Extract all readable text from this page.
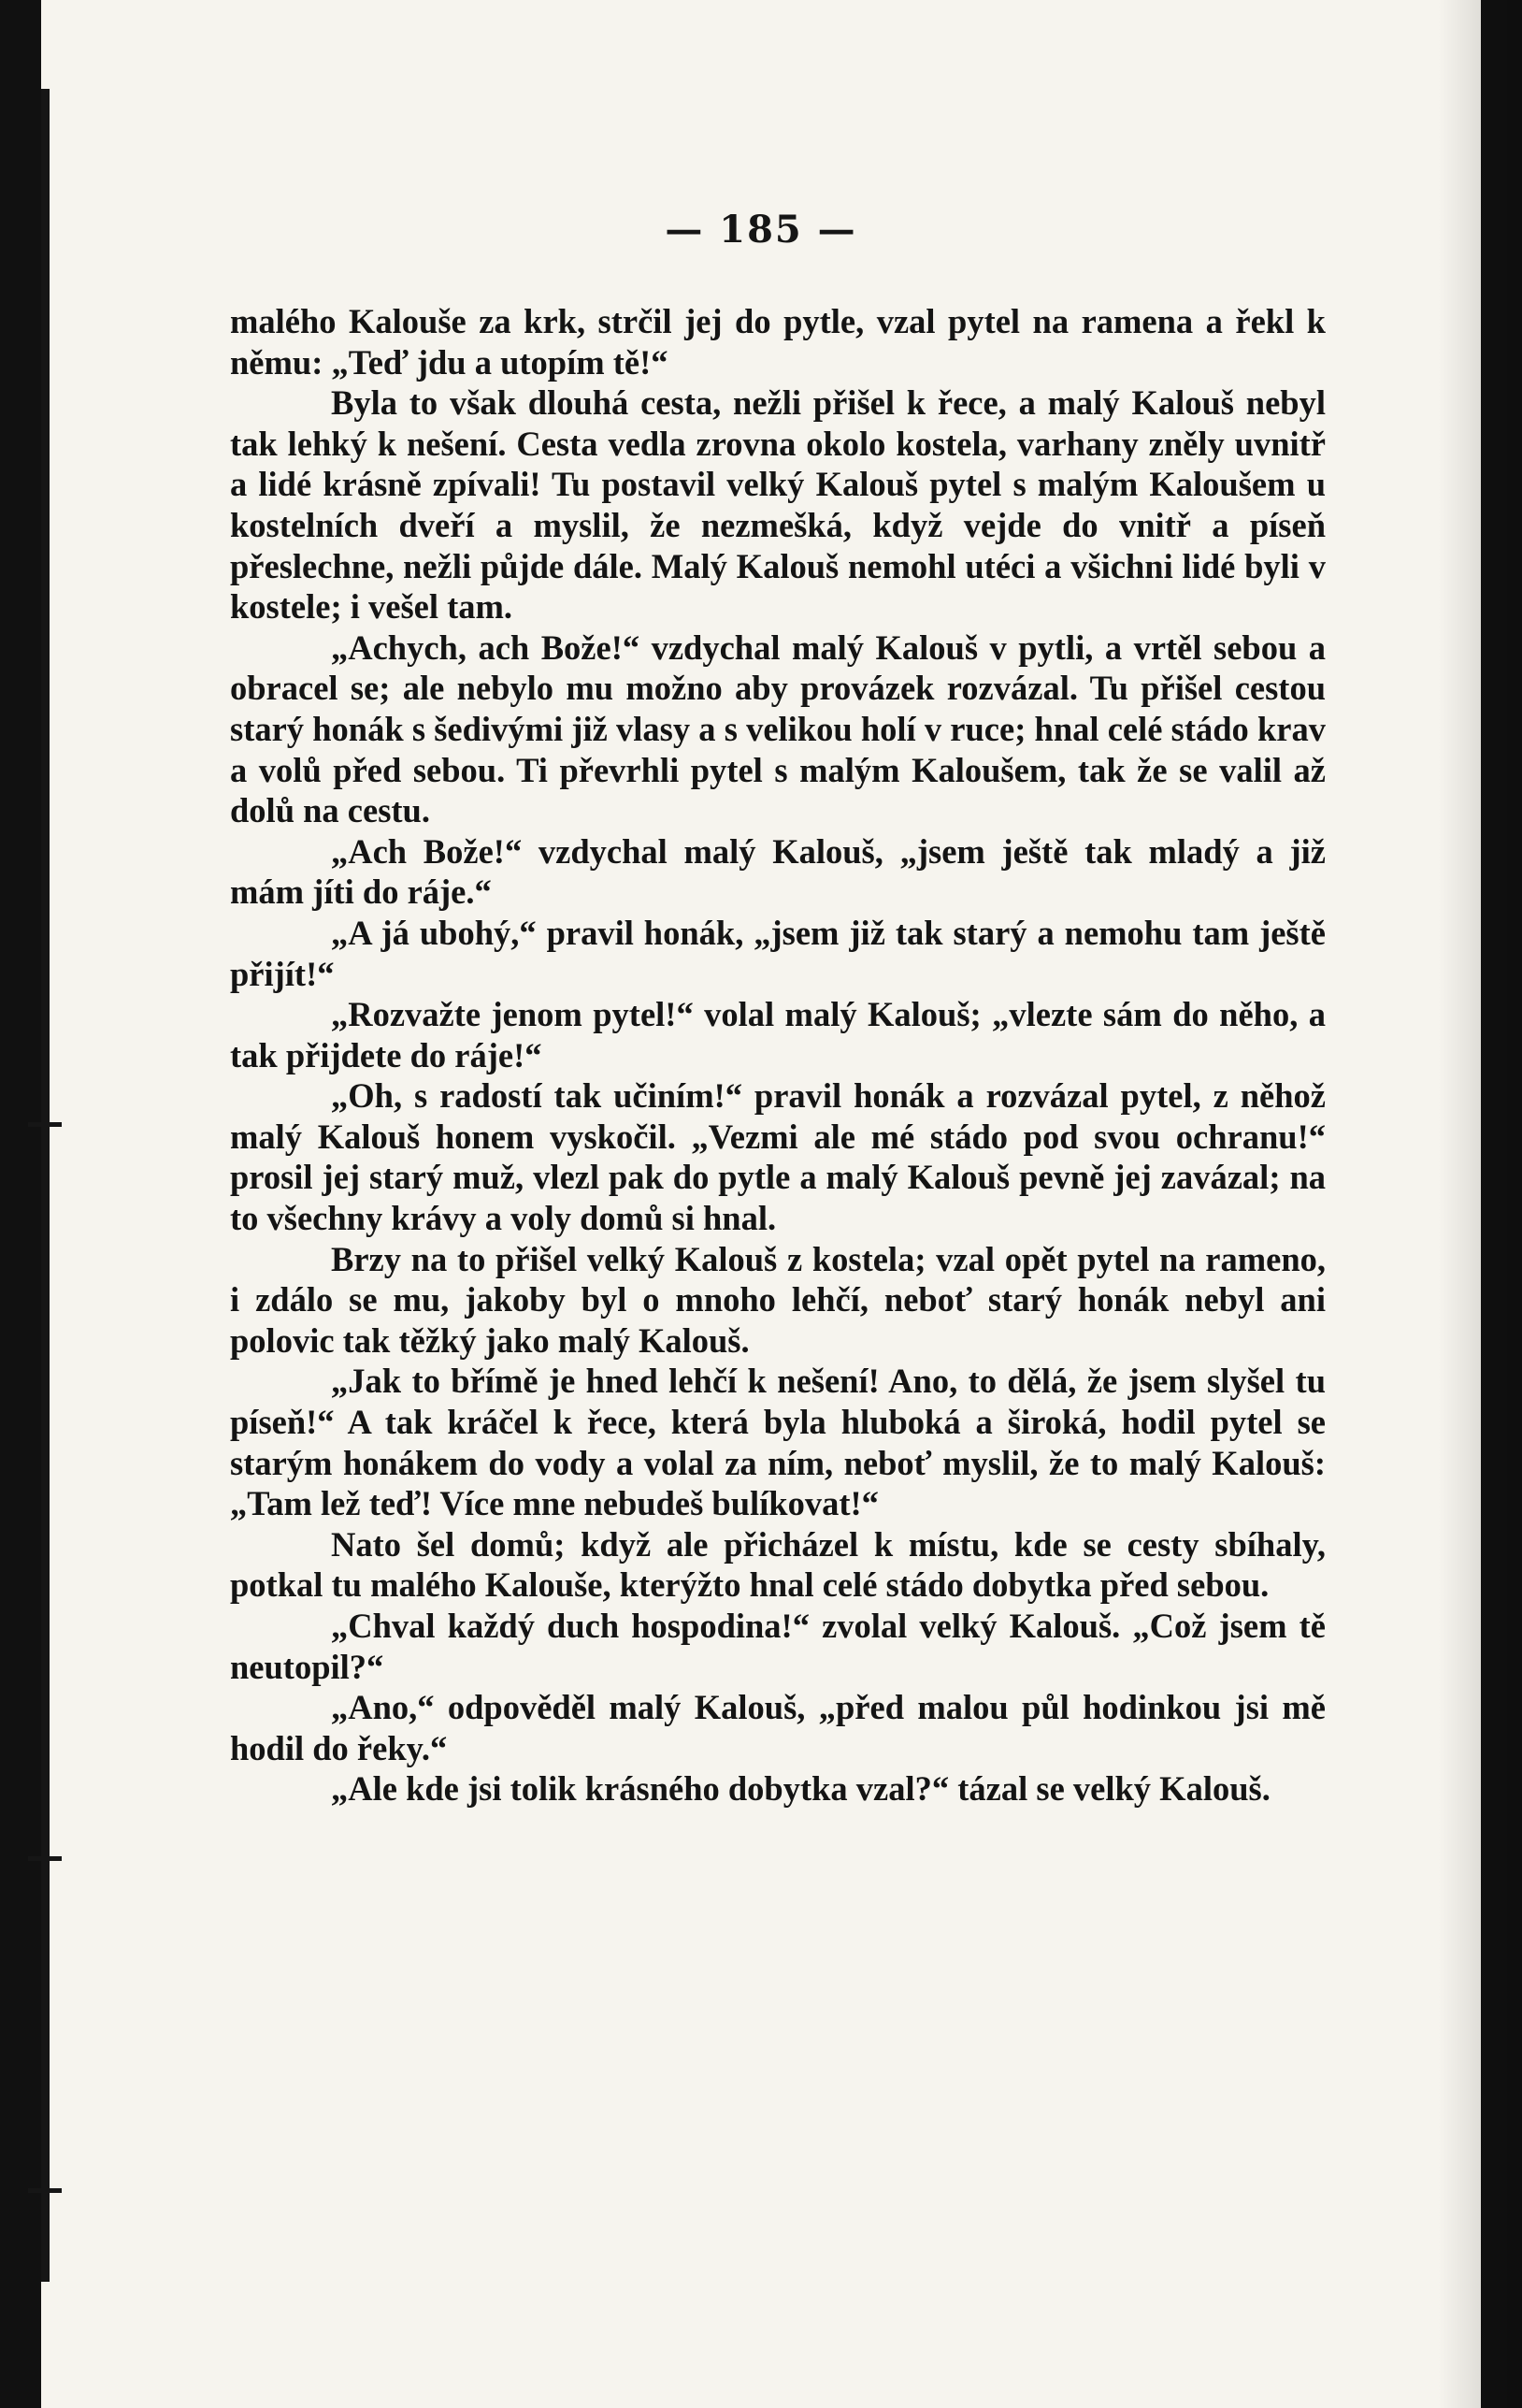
— 185 —

malého Kalouše za krk, strčil jej do pytle, vzal pytel na ramena a řekl k němu: „Teď jdu a utopím tě!“

Byla to však dlouhá cesta, nežli přišel k řece, a malý Kalouš nebyl tak lehký k nešení. Cesta vedla zrovna okolo kostela, varhany zněly uvnitř a lidé krásně zpívali! Tu postavil velký Kalouš pytel s malým Kaloušem u kostelních dveří a myslil, že nezmešká, když vejde do vnitř a píseň přeslechne, nežli půjde dále. Malý Kalouš nemohl utéci a všichni lidé byli v kostele; i vešel tam.

„Achych, ach Bože!“ vzdychal malý Kalouš v pytli, a vrtěl sebou a obracel se; ale nebylo mu možno aby provázek rozvázal. Tu přišel cestou starý honák s šedivými již vlasy a s velikou holí v ruce; hnal celé stádo krav a volů před sebou. Ti převrhli pytel s malým Kaloušem, tak že se valil až dolů na cestu.

„Ach Bože!“ vzdychal malý Kalouš, „jsem ještě tak mladý a již mám jíti do ráje.“

„A já ubohý,“ pravil honák, „jsem již tak starý a nemohu tam ještě přijít!“

„Rozvažte jenom pytel!“ volal malý Kalouš; „vlezte sám do něho, a tak přijdete do ráje!“

„Oh, s radostí tak učiním!“ pravil honák a rozvázal pytel, z něhož malý Kalouš honem vyskočil. „Vezmi ale mé stádo pod svou ochranu!“ prosil jej starý muž, vlezl pak do pytle a malý Kalouš pevně jej zavázal; na to všechny krávy a voly domů si hnal.

Brzy na to přišel velký Kalouš z kostela; vzal opět pytel na rameno, i zdálo se mu, jakoby byl o mnoho lehčí, neboť starý honák nebyl ani polovic tak těžký jako malý Kalouš.

„Jak to břímě je hned lehčí k nešení! Ano, to dělá, že jsem slyšel tu píseň!“ A tak kráčel k řece, která byla hluboká a široká, hodil pytel se starým honákem do vody a volal za ním, neboť myslil, že to malý Kalouš: „Tam lež teď! Více mne nebudeš bulíkovat!“

Nato šel domů; když ale přicházel k místu, kde se cesty sbíhaly, potkal tu malého Kalouše, kterýžto hnal celé stádo dobytka před sebou.

„Chval každý duch hospodina!“ zvolal velký Kalouš. „Což jsem tě neutopil?“

„Ano,“ odpověděl malý Kalouš, „před malou půl hodinkou jsi mě hodil do řeky.“

„Ale kde jsi tolik krásného dobytka vzal?“ tázal se velký Kalouš.
